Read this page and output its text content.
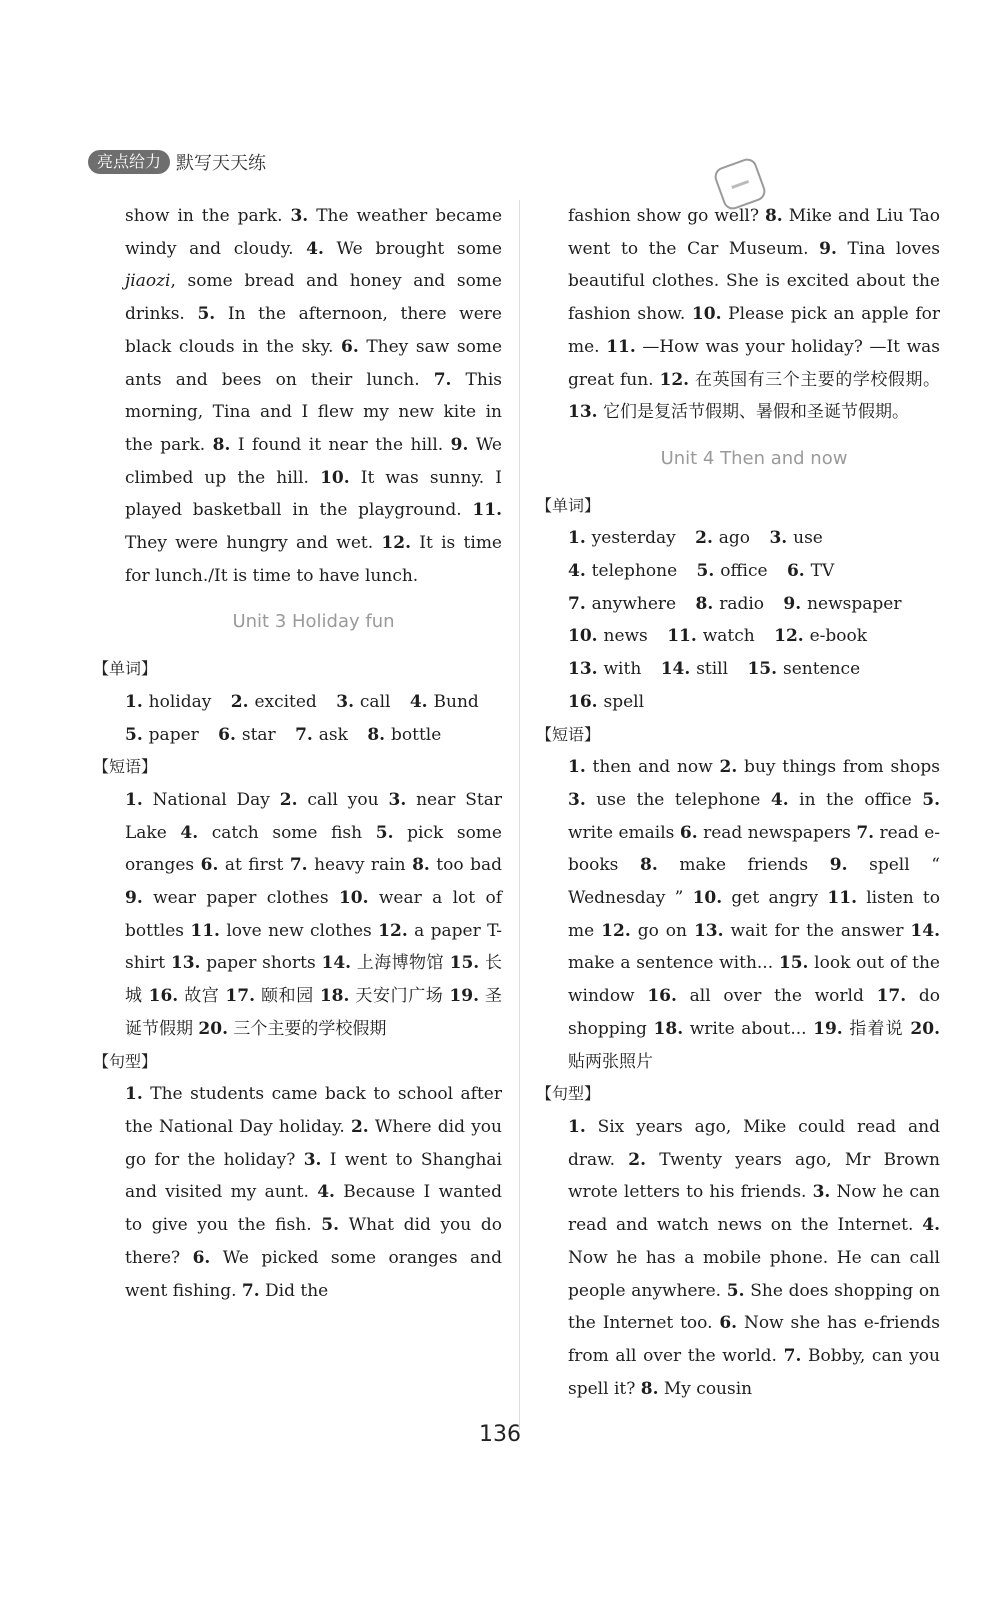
亮点给力 默写天天练

show in the park. 3. The weather became windy and cloudy. 4. We brought some jiaozi, some bread and honey and some drinks. 5. In the afternoon, there were black clouds in the sky. 6. They saw some ants and bees on their lunch. 7. This morning, Tina and I flew my new kite in the park. 8. I found it near the hill. 9. We climbed up the hill. 10. It was sunny. I played basketball in the playground. 11. They were hungry and wet. 12. It is time for lunch./It is time to have lunch.

Unit 3 Holiday fun
【单词】
1. holiday 2. excited 3. call 4. Bund 5. paper 6. star 7. ask 8. bottle
【短语】

1. National Day 2. call you 3. near Star Lake 4. catch some fish 5. pick some oranges 6. at first 7. heavy rain 8. too bad 9. wear paper clothes 10. wear a lot of bottles 11. love new clothes 12. a paper T-shirt 13. paper shorts 14. 上海博物馆 15. 长城 16. 故宫 17. 颐和园 18. 天安门广场 19. 圣诞节假期 20. 三个主要的学校假期

【句型】

1. The students came back to school after the National Day holiday. 2. Where did you go for the holiday? 3. I went to Shanghai and visited my aunt. 4. Because I wanted to give you the fish. 5. What did you do there? 6. We picked some oranges and went fishing. 7. Did the

fashion show go well? 8. Mike and Liu Tao went to the Car Museum. 9. Tina loves beautiful clothes. She is excited about the fashion show. 10. Please pick an apple for me. 11. —How was your holiday? —It was great fun. 12. 在英国有三个主要的学校假期。 13. 它们是复活节假期、暑假和圣诞节假期。

Unit 4 Then and now
【单词】
1. yesterday 2. ago 3. use 4. telephone 5. office 6. TV 7. anywhere 8. radio 9. newspaper 10. news 11. watch 12. e-book 13. with 14. still 15. sentence 16. spell
【短语】

1. then and now 2. buy things from shops 3. use the telephone 4. in the office 5. write emails 6. read newspapers 7. read e-books 8. make friends 9. spell “ Wednesday ” 10. get angry 11. listen to me 12. go on 13. wait for the answer 14. make a sentence with... 15. look out of the window 16. all over the world 17. do shopping 18. write about... 19. 指着说 20. 贴两张照片

【句型】

1. Six years ago, Mike could read and draw. 2. Twenty years ago, Mr Brown wrote letters to his friends. 3. Now he can read and watch news on the Internet. 4. Now he has a mobile phone. He can call people anywhere. 5. She does shopping on the Internet too. 6. Now she has e-friends from all over the world. 7. Bobby, can you spell it? 8. My cousin

136
